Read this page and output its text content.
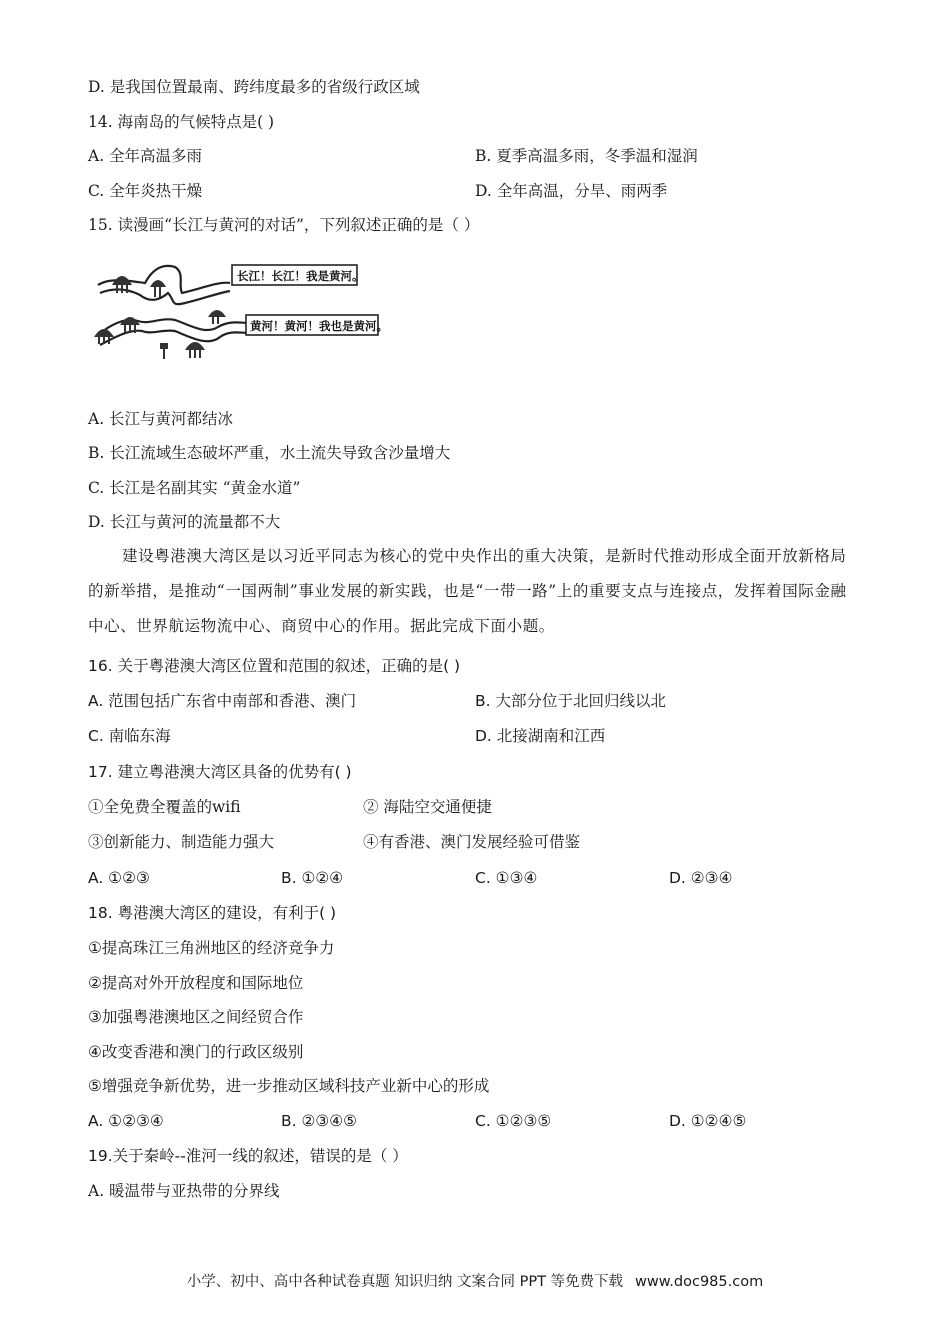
D. 是我国位置最南、跨纬度最多的省级行政区域
14. 海南岛的气候特点是( )
A. 全年高温多雨	B. 夏季高温多雨，冬季温和湿润
C. 全年炎热干燥	D. 全年高温，分旱、雨两季
15. 读漫画“长江与黄河的对话”，下列叙述正确的是（ ）
长江！长江！我是黄河。
黄河！黄河！我也是黄河。
A. 长江与黄河都结冰
B. 长江流域生态破坏严重，水土流失导致含沙量增大
C. 长江是名副其实 “黄金水道”
D. 长江与黄河的流量都不大
建设粤港澳大湾区是以习近平同志为核心的党中央作出的重大决策，是新时代推动形成全面开放新格局的新举措，是推动“一国两制”事业发展的新实践，也是“一带一路”上的重要支点与连接点，发挥着国际金融中心、世界航运物流中心、商贸中心的作用。据此完成下面小题。
16. 关于粤港澳大湾区位置和范围的叙述，正确的是( )
A. 范围包括广东省中南部和香港、澳门	B. 大部分位于北回归线以北
C. 南临东海	D. 北接湖南和江西
17. 建立粤港澳大湾区具备的优势有( )
①全免费全覆盖的wifi	② 海陆空交通便捷
③创新能力、制造能力强大	④有香港、澳门发展经验可借鉴
A. ①②③	B. ①②④	C. ①③④	D. ②③④
18. 粤港澳大湾区的建设，有利于( )
①提高珠江三角洲地区的经济竞争力
②提高对外开放程度和国际地位
③加强粤港澳地区之间经贸合作
④改变香港和澳门的行政区级别
⑤增强竞争新优势，进一步推动区域科技产业新中心的形成
A. ①②③④	B. ②③④⑤	C. ①②③⑤	D. ①②④⑤
19.关于秦岭--淮河一线的叙述，错误的是（ ）
A. 暖温带与亚热带的分界线
小学、初中、高中各种试卷真题 知识归纳 文案合同 PPT 等免费下载 www.doc985.com
